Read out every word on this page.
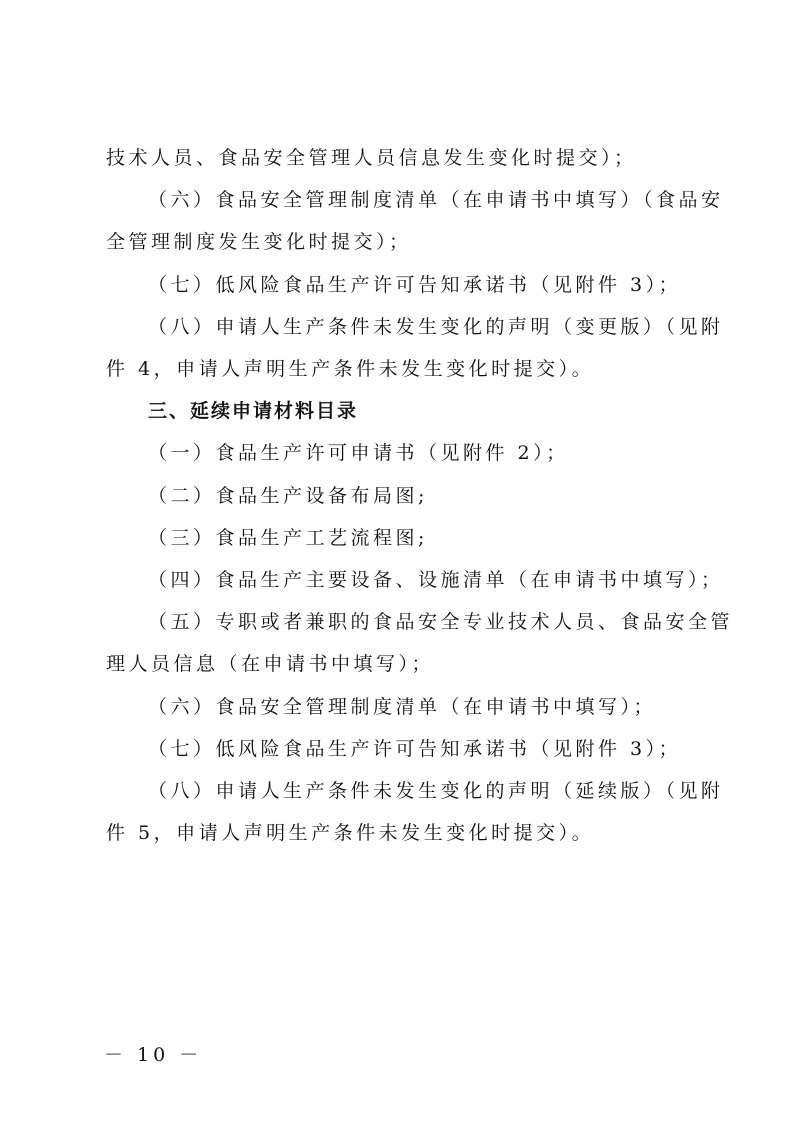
技术人员、食品安全管理人员信息发生变化时提交）；
（六）食品安全管理制度清单（在申请书中填写）（食品安
全管理制度发生变化时提交）；
（七）低风险食品生产许可告知承诺书（见附件 3）；
（八）申请人生产条件未发生变化的声明（变更版）（见附
件 4，申请人声明生产条件未发生变化时提交）。
三、延续申请材料目录
（一）食品生产许可申请书（见附件 2）；
（二）食品生产设备布局图;
（三）食品生产工艺流程图;
（四）食品生产主要设备、设施清单（在申请书中填写）；
（五）专职或者兼职的食品安全专业技术人员、食品安全管
理人员信息（在申请书中填写）；
（六）食品安全管理制度清单（在申请书中填写）；
（七）低风险食品生产许可告知承诺书（见附件 3）；
（八）申请人生产条件未发生变化的声明（延续版）（见附
件 5，申请人声明生产条件未发生变化时提交）。
－ 10 －
